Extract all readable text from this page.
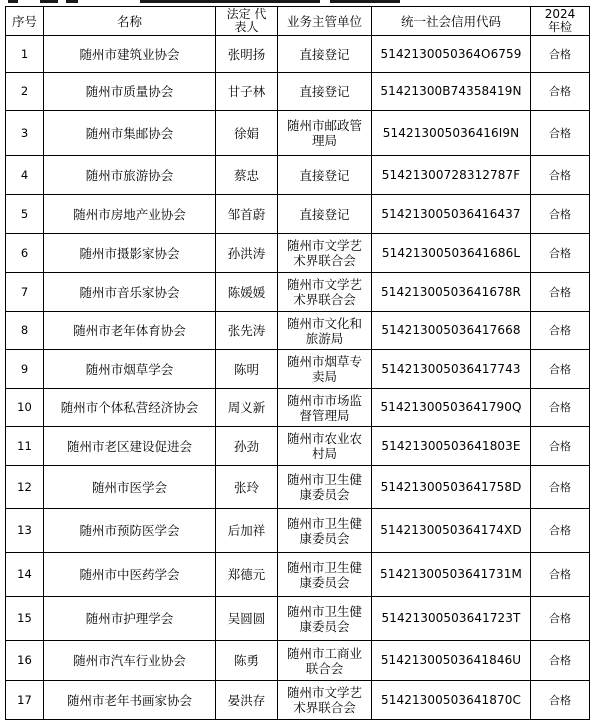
序号	名称	法定 代
表人	业务主管单位	统一社会信用代码	2024
年检
1	随州市建筑业协会	张明扬	直接登记	5142130050364O6759	合格
2	随州市质量协会	甘子林	直接登记	51421300B74358419N	合格
3	随州市集邮协会	徐娟	随州市邮政管
理局	514213005036416I9N	合格
4	随州市旅游协会	蔡忠	直接登记	51421300728312787F	合格
5	随州市房地产业协会	邹首蔚	直接登记	514213005036416437	合格
6	随州市摄影家协会	孙洪涛	随州市文学艺
术界联合会	51421300503641686L	合格
7	随州市音乐家协会	陈媛媛	随州市文学艺
术界联合会	51421300503641678R	合格
8	随州市老年体育协会	张先涛	随州市文化和
旅游局	514213005036417668	合格
9	随州市烟草学会	陈明	随州市烟草专
卖局	514213005036417743	合格
10	随州市个体私营经济协会	周义新	随州市市场监
督管理局	51421300503641790Q	合格
11	随州市老区建设促进会	孙劲	随州市农业农
村局	51421300503641803E	合格
12	随州市医学会	张玲	随州市卫生健
康委员会	51421300503641758D	合格
13	随州市预防医学会	后加祥	随州市卫生健
康委员会	5142130050364174XD	合格
14	随州市中医药学会	郑德元	随州市卫生健
康委员会	51421300503641731M	合格
15	随州市护理学会	吴圆圆	随州市卫生健
康委员会	51421300503641723T	合格
16	随州市汽车行业协会	陈勇	随州市工商业
联合会	51421300503641846U	合格
17	随州市老年书画家协会	晏洪存	随州市文学艺
术界联合会	51421300503641870C	合格
